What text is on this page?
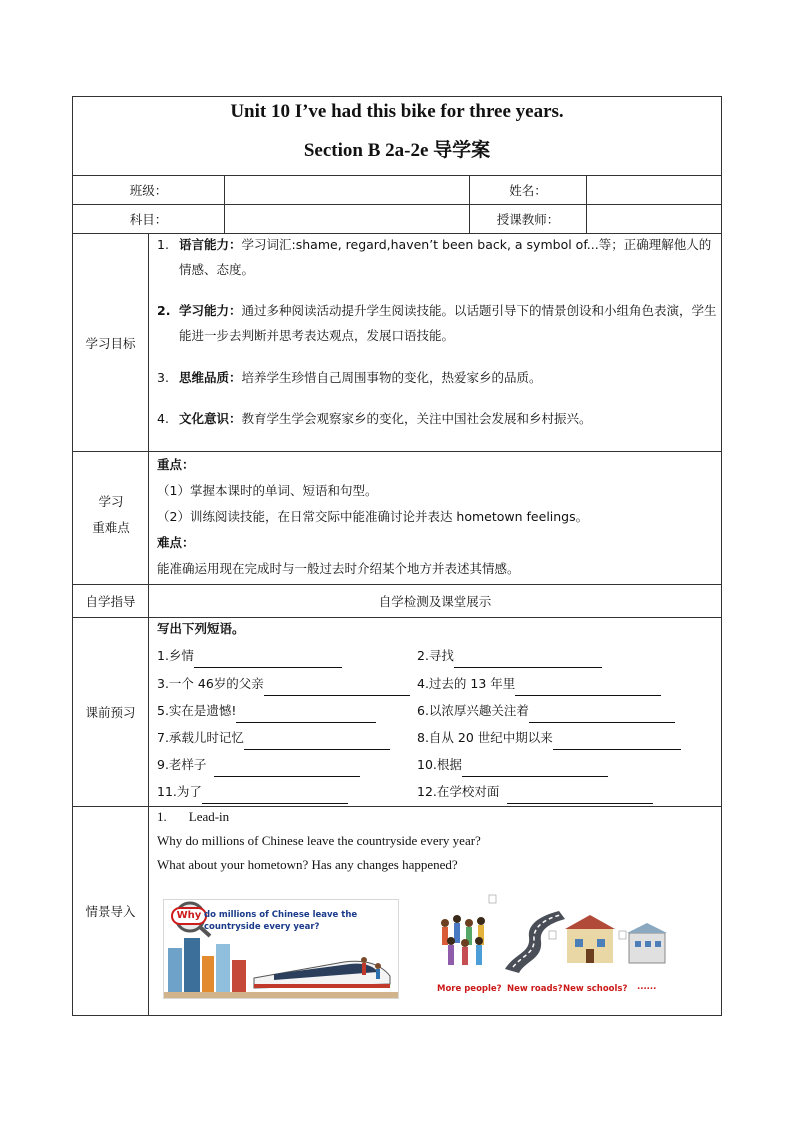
Unit 10 I’ve had this bike for three years.
Section B 2a-2e 导学案
班级：	姓名：
科目：	授课教师：
学习目标
1. 语言能力：学习词汇:shame, regard,haven’t been back, a symbol of...等；正确理解他人的情感、态度。
2. 学习能力：通过多种阅读活动提升学生阅读技能。以话题引导下的情景创设和小组角色表演，学生能进一步去判断并思考表达观点，发展口语技能。
3. 思维品质：培养学生珍惜自己周围事物的变化，热爱家乡的品质。
4. 文化意识：教育学生学会观察家乡的变化，关注中国社会发展和乡村振兴。
学习
重难点
重点：
（1）掌握本课时的单词、短语和句型。
（2）训练阅读技能，在日常交际中能准确讨论并表达 hometown feelings。
难点：
能准确运用现在完成时与一般过去时介绍某个地方并表述其情感。
自学指导	自学检测及课堂展示
课前预习
写出下列短语。
1.乡情	2.寻找
3.一个 46岁的父亲	4.过去的 13 年里
5.实在是遗憾!	6.以浓厚兴趣关注着
7.承载儿时记忆	8.自从 20 世纪中期以来
9.老样子	10.根据
11.为了	12.在学校对面
情景导入
1. Lead-in
Why do millions of Chinese leave the countryside every year?
What about your hometown? Has any changes happened?
Why do millions of Chinese leave the countryside every year?
More people? New roads? New schools? ......
